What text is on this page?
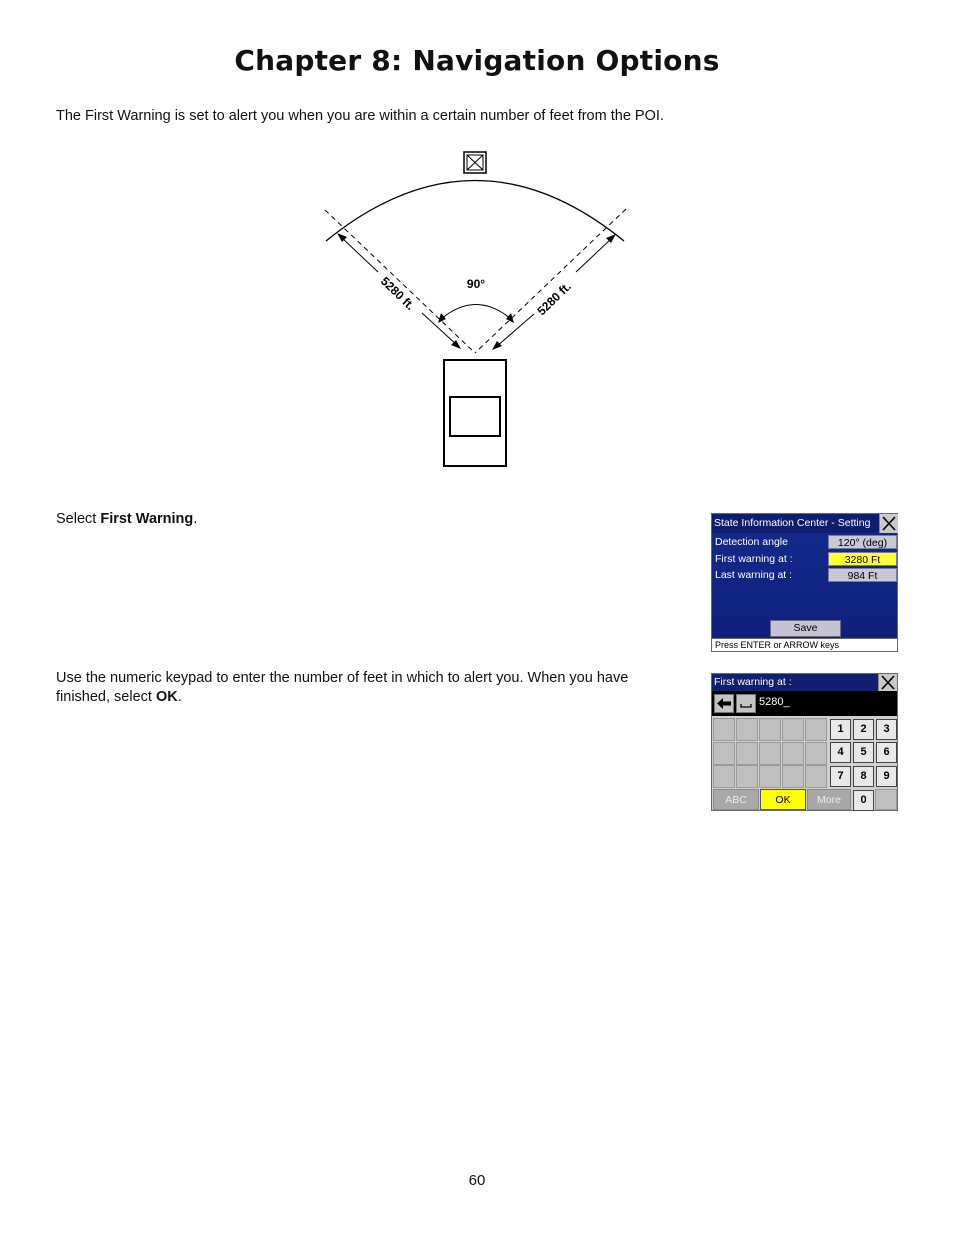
Chapter 8: Navigation Options
The First Warning is set to alert you when you are within a certain number of feet from the POI.
90°
5280 ft.	5280 ft.
Select First Warning.
Use the numeric keypad to enter the number of feet in which to alert you. When you have finished, select OK.
State Information Center - Setting
Detection angle	120° (deg)
First warning at :	3280 Ft
Last warning at :	984 Ft
Save
Press ENTER or ARROW keys
First warning at :
5280_
1	2	3
4	5	6
7	8	9
ABC	OK	More	0
60
